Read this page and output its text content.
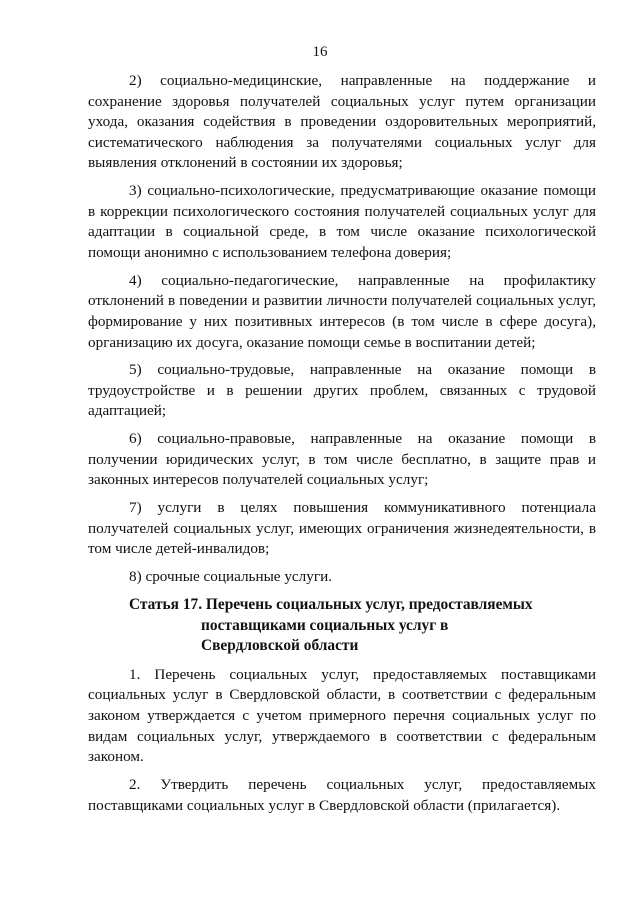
16

2) социально-медицинские, направленные на поддержание и сохранение здоровья получателей социальных услуг путем организации ухода, оказания содействия в проведении оздоровительных мероприятий, систематического наблюдения за получателями социальных услуг для выявления отклонений в состоянии их здоровья;

3) социально-психологические, предусматривающие оказание помощи в коррекции психологического состояния получателей социальных услуг для адаптации в социальной среде, в том числе оказание психологической помощи анонимно с использованием телефона доверия;

4) социально-педагогические, направленные на профилактику отклонений в поведении и развитии личности получателей социальных услуг, формирование у них позитивных интересов (в том числе в сфере досуга), организацию их досуга, оказание помощи семье в воспитании детей;

5) социально-трудовые, направленные на оказание помощи в трудоустройстве и в решении других проблем, связанных с трудовой адаптацией;

6) социально-правовые, направленные на оказание помощи в получении юридических услуг, в том числе бесплатно, в защите прав и законных интересов получателей социальных услуг;

7) услуги в целях повышения коммуникативного потенциала получателей социальных услуг, имеющих ограничения жизнедеятельности, в том числе детей-инвалидов;

8) срочные социальные услуги.

Статья 17. Перечень социальных услуг, предоставляемых
поставщиками социальных услуг в
Свердловской области

1. Перечень социальных услуг, предоставляемых поставщиками социальных услуг в Свердловской области, в соответствии с федеральным законом утверждается с учетом примерного перечня социальных услуг по видам социальных услуг, утверждаемого в соответствии с федеральным законом.

2. Утвердить перечень социальных услуг, предоставляемых поставщиками социальных услуг в Свердловской области (прилагается).
